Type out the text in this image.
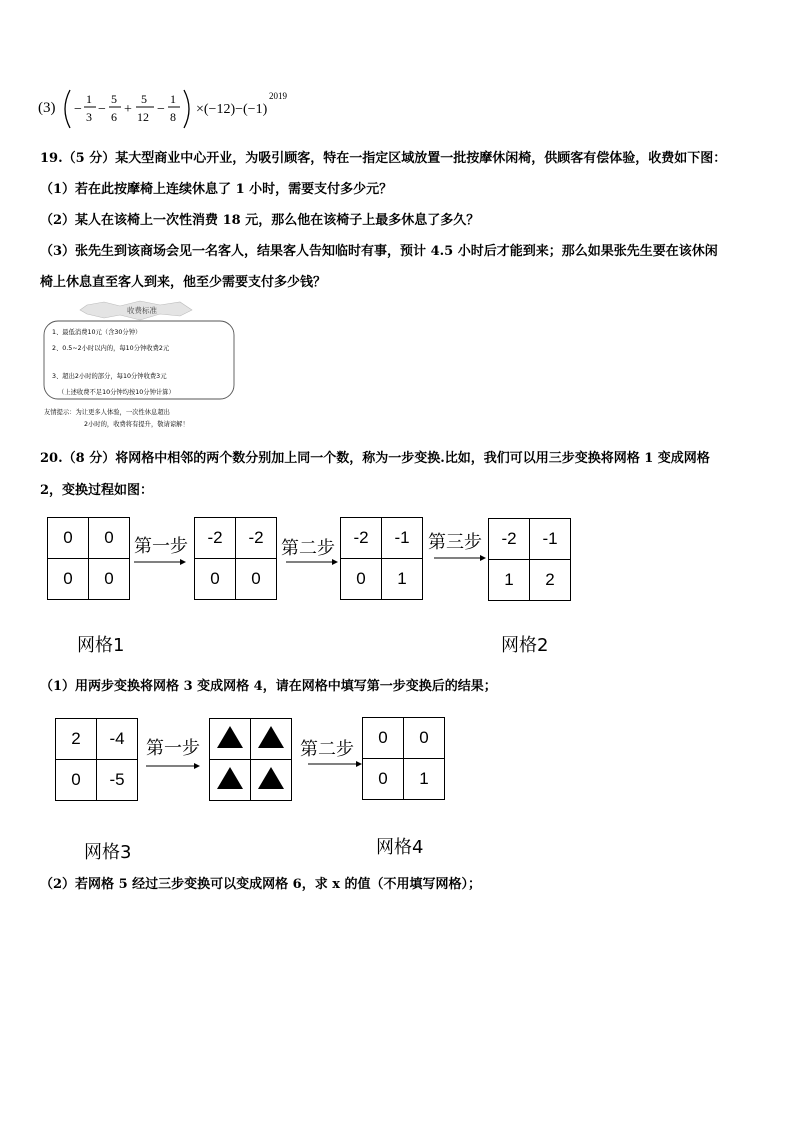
(3) −
1
3 −
5
6 +
5
12 −
1
8 ×(−12)−(−1)
2019
19.（5 分）某大型商业中心开业，为吸引顾客，特在一指定区域放置一批按摩休闲椅，供顾客有偿体验，收费如下图：
（1）若在此按摩椅上连续休息了 1 小时，需要支付多少元？
（2）某人在该椅上一次性消费 18 元，那么他在该椅子上最多休息了多久？
（3）张先生到该商场会见一名客人，结果客人告知临时有事，预计 4.5 小时后才能到来；那么如果张先生要在该休闲
椅上休息直至客人到来，他至少需要支付多少钱？
收费标准
1、最低消费10元（含30分钟）
2、0.5~2小时以内的，每10分钟收费2元
3、超出2小时的部分，每10分钟收费3元
（上述收费不足10分钟均按10分钟计算）
友情提示：为让更多人体验，一次性休息超出
2小时的，收费将有提升，敬请谅解！
20.（8 分）将网格中相邻的两个数分别加上同一个数，称为一步变换.比如，我们可以用三步变换将网格 1 变成网格
2，变换过程如图：
0	0
0	0
第一步 -2	-2
0	0
第二步
-2	-1
0	1
第三步 -2	-1
1	2
网格1	网格2
（1）用两步变换将网格 3 变成网格 4，请在网格中填写第一步变换后的结果；
2	-4
0	-5
第一步

		第二步
0	0
0	1
网格3	网格4
（2）若网格 5 经过三步变换可以变成网格 6，求 x 的值（不用填写网格）；
